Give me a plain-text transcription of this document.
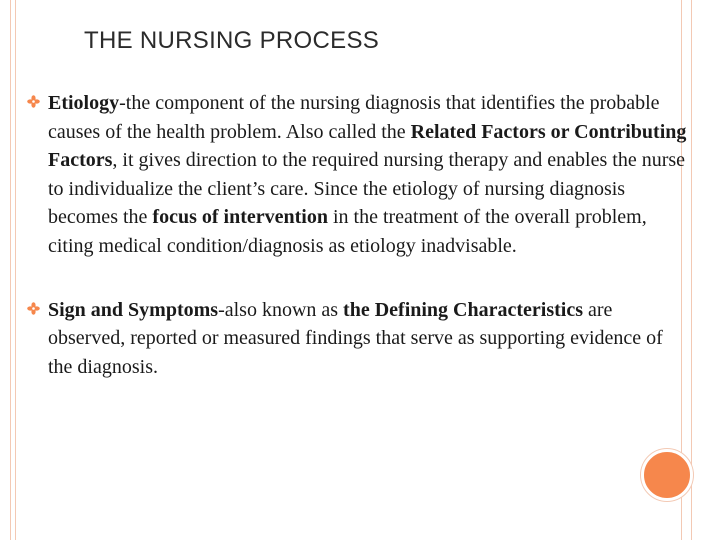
THE NURSING PROCESS
Etiology-the component of the nursing diagnosis that identifies the probable causes of the health problem. Also called the Related Factors or Contributing Factors, it gives direction to the required nursing therapy and enables the nurse to individualize the client’s care. Since the etiology of nursing diagnosis becomes the focus of intervention in the treatment of the overall problem, citing medical condition/diagnosis as etiology inadvisable.
Sign and Symptoms-also known as the Defining Characteristics are observed, reported or measured findings that serve as supporting evidence of the diagnosis.
